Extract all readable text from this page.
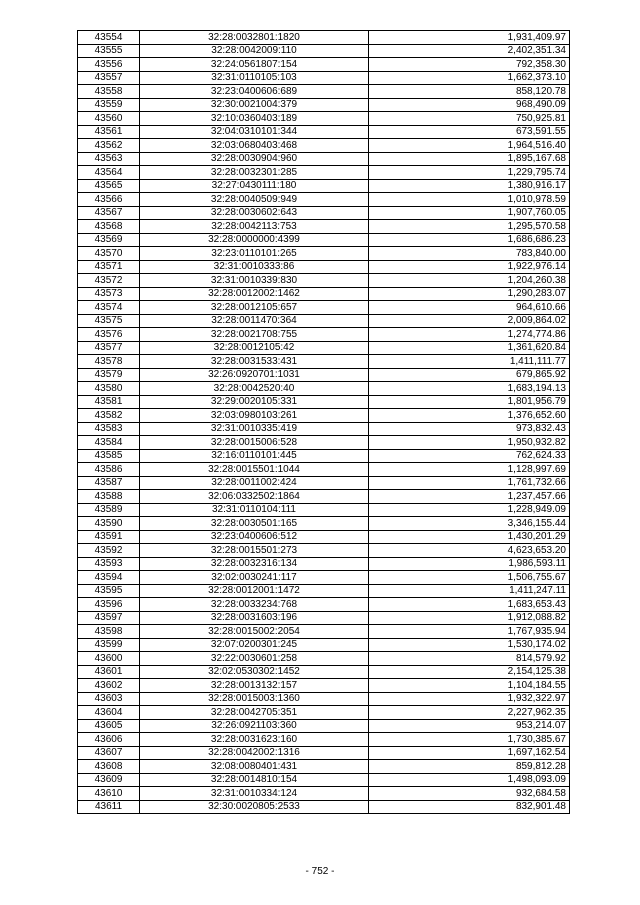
43554	32:28:0032801:1820	1,931,409.97
43555	32:28:0042009:110	2,402,351.34
43556	32:24:0561807:154	792,358.30
43557	32:31:0110105:103	1,662,373.10
43558	32:23:0400606:689	858,120.78
43559	32:30:0021004:379	968,490.09
43560	32:10:0360403:189	750,925.81
43561	32:04:0310101:344	673,591.55
43562	32:03:0680403:468	1,964,516.40
43563	32:28:0030904:960	1,895,167.68
43564	32:28:0032301:285	1,229,795.74
43565	32:27:0430111:180	1,380,916.17
43566	32:28:0040509:949	1,010,978.59
43567	32:28:0030602:643	1,907,760.05
43568	32:28:0042113:753	1,295,570.58
43569	32:28:0000000:4399	1,686,686.23
43570	32:23:0110101:265	783,840.00
43571	32:31:0010333:86	1,922,976.14
43572	32:31:0010339:830	1,204,260.38
43573	32:28:0012002:1462	1,290,283.07
43574	32:28:0012105:657	964,610.66
43575	32:28:0011470:364	2,009,864.02
43576	32:28:0021708:755	1,274,774.86
43577	32:28:0012105:42	1,361,620.84
43578	32:28:0031533:431	1,411,111.77
43579	32:26:0920701:1031	679,865.92
43580	32:28:0042520:40	1,683,194.13
43581	32:29:0020105:331	1,801,956.79
43582	32:03:0980103:261	1,376,652.60
43583	32:31:0010335:419	973,832.43
43584	32:28:0015006:528	1,950,932.82
43585	32:16:0110101:445	762,624.33
43586	32:28:0015501:1044	1,128,997.69
43587	32:28:0011002:424	1,761,732.66
43588	32:06:0332502:1864	1,237,457.66
43589	32:31:0110104:111	1,228,949.09
43590	32:28:0030501:165	3,346,155.44
43591	32:23:0400606:512	1,430,201.29
43592	32:28:0015501:273	4,623,653.20
43593	32:28:0032316:134	1,986,593.11
43594	32:02:0030241:117	1,506,755.67
43595	32:28:0012001:1472	1,411,247.11
43596	32:28:0033234:768	1,683,653.43
43597	32:28:0031603:196	1,912,088.82
43598	32:28:0015002:2054	1,767,935.94
43599	32:07:0200301:245	1,530,174.02
43600	32:22:0030601:258	814,579.92
43601	32:02:0530302:1452	2,154,125.38
43602	32:28:0013132:157	1,104,184.55
43603	32:28:0015003:1360	1,932,322.97
43604	32:28:0042705:351	2,227,962.35
43605	32:26:0921103:360	953,214.07
43606	32:28:0031623:160	1,730,385.67
43607	32:28:0042002:1316	1,697,162.54
43608	32:08:0080401:431	859,812.28
43609	32:28:0014810:154	1,498,093.09
43610	32:31:0010334:124	932,684.58
43611	32:30:0020805:2533	832,901.48
- 752 -
